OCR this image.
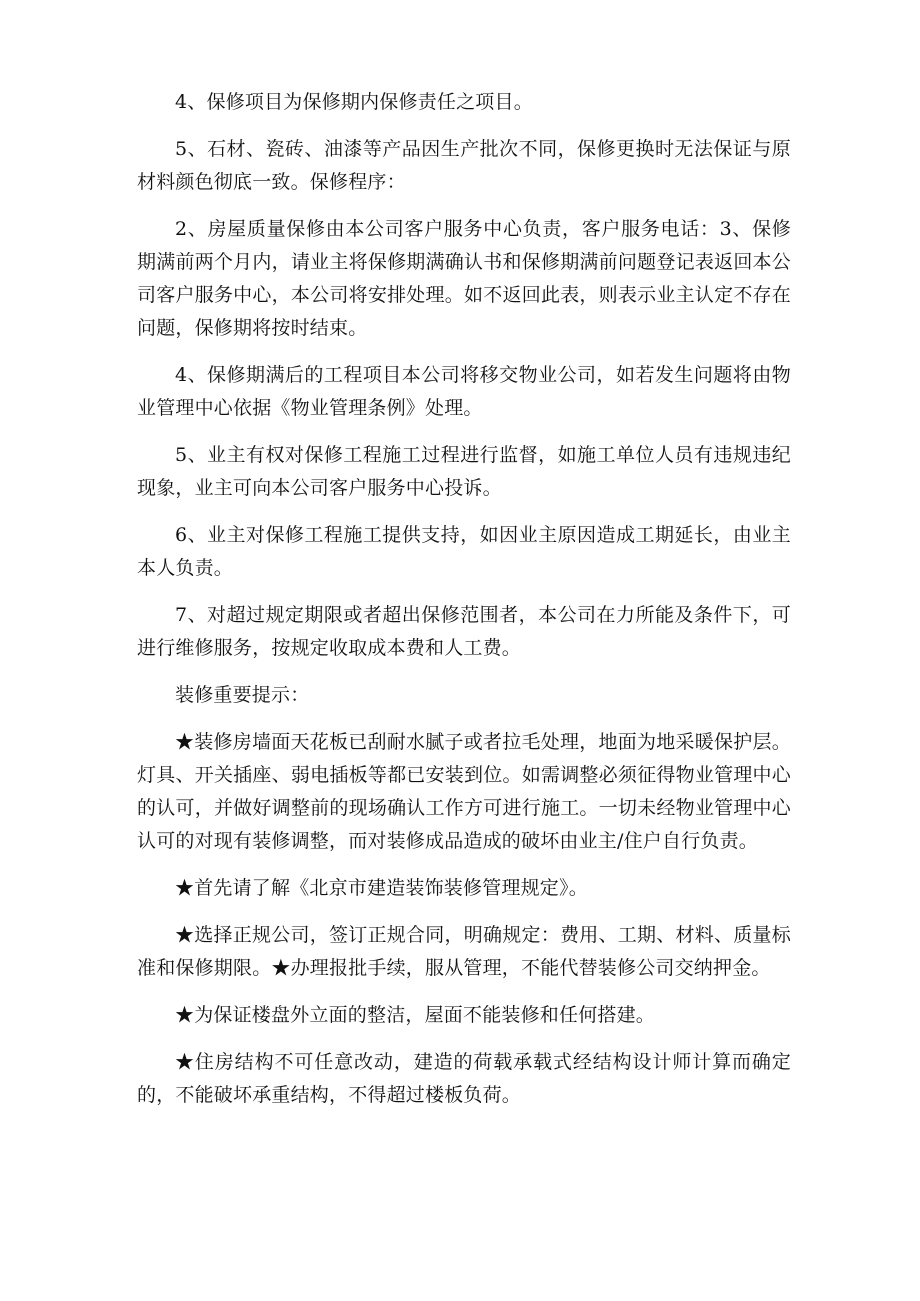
4、保修项目为保修期内保修责任之项目。

5、石材、瓷砖、油漆等产品因生产批次不同，保修更换时无法保证与原材料颜色彻底一致。保修程序：

2、房屋质量保修由本公司客户服务中心负责，客户服务电话：3、保修期满前两个月内，请业主将保修期满确认书和保修期满前问题登记表返回本公司客户服务中心，本公司将安排处理。如不返回此表，则表示业主认定不存在问题，保修期将按时结束。

4、保修期满后的工程项目本公司将移交物业公司，如若发生问题将由物业管理中心依据《物业管理条例》处理。

5、业主有权对保修工程施工过程进行监督，如施工单位人员有违规违纪现象，业主可向本公司客户服务中心投诉。

6、业主对保修工程施工提供支持，如因业主原因造成工期延长，由业主本人负责。

7、对超过规定期限或者超出保修范围者，本公司在力所能及条件下，可进行维修服务，按规定收取成本费和人工费。

装修重要提示：

★装修房墙面天花板已刮耐水腻子或者拉毛处理，地面为地采暖保护层。灯具、开关插座、弱电插板等都已安装到位。如需调整必须征得物业管理中心的认可，并做好调整前的现场确认工作方可进行施工。一切未经物业管理中心认可的对现有装修调整，而对装修成品造成的破坏由业主/住户自行负责。

★首先请了解《北京市建造装饰装修管理规定》。

★选择正规公司，签订正规合同，明确规定：费用、工期、材料、质量标准和保修期限。★办理报批手续，服从管理，不能代替装修公司交纳押金。

★为保证楼盘外立面的整洁，屋面不能装修和任何搭建。

★住房结构不可任意改动，建造的荷载承载式经结构设计师计算而确定的，不能破坏承重结构，不得超过楼板负荷。
